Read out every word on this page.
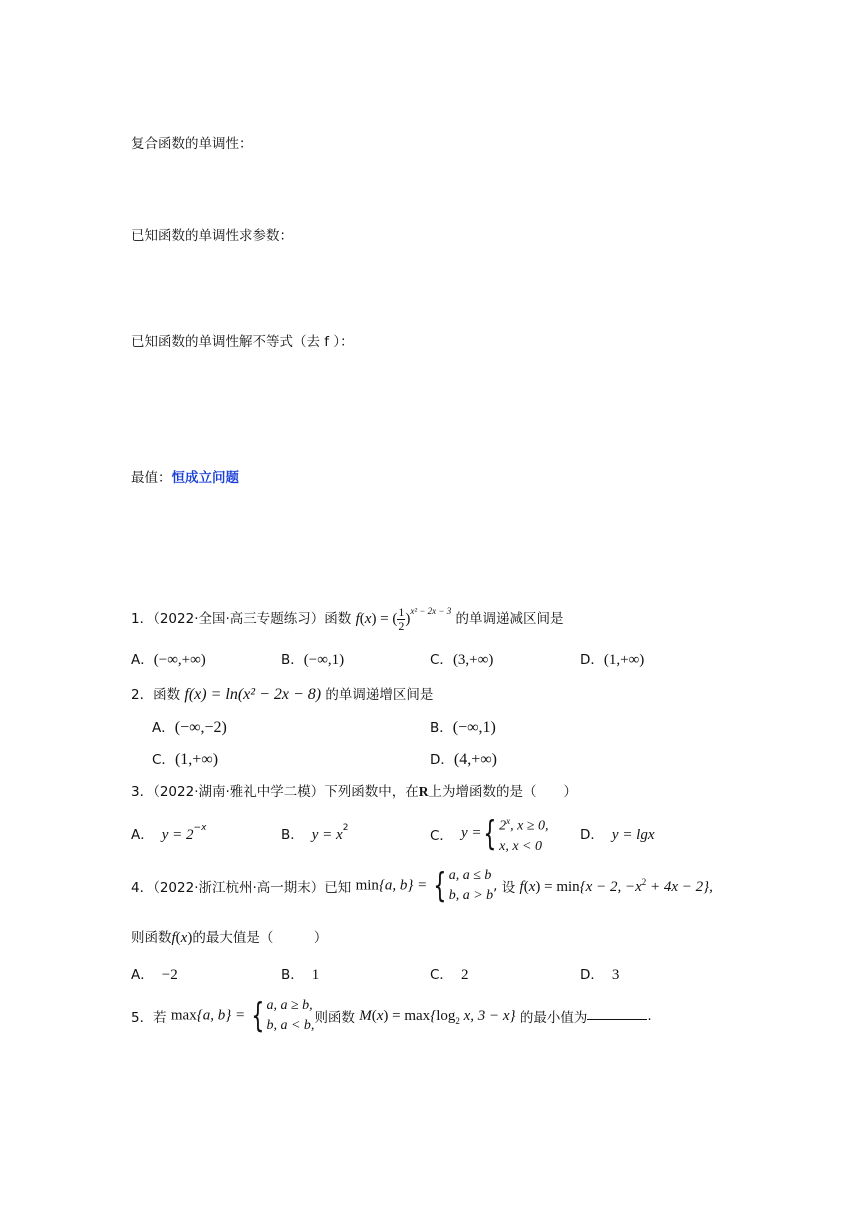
复合函数的单调性：
已知函数的单调性求参数：
已知函数的单调性解不等式（去 f ）：
最值：恒成立问题
1．（2022·全国·高三专题练习）函数 f(x) = ( $\frac{1}{2} )^{x^2 - 2x - 3}$ 的单调递减区间是
A．(−∞,+∞)	B．(−∞,1)	C．(3,+∞)	D．(1,+∞)
2．函数 f(x) = ln(x² − 2x − 8) 的单调递增区间是
A．(−∞,−2)	B．(−∞,1)
C．(1,+∞)	D．(4,+∞)
3．（2022·湖南·雅礼中学二模）下列函数中，在R上为增函数的是（　　）
A． $y = 2^{-x}$	B． $y = x^2$	C． y ={ 2$^x$, x ≥ 0,
x, x < 0
D． y = lgx
4．（2022·浙江杭州·高一期末）已知 min{a, b} = { a, a ≤ b
b, a > b
, 设 f(x) = min{x − 2, $-x^2 + 4x - 2$},
则函数f(x)的最大值是（　　　）
A． −2	B． 1	C． 2	D． 3
5．若 max{a, b} = { a, a ≥ b,
b, a < b, 则函数 $M(x) = \max\{\log_2$ x, 3 − x} 的最小值为	.
